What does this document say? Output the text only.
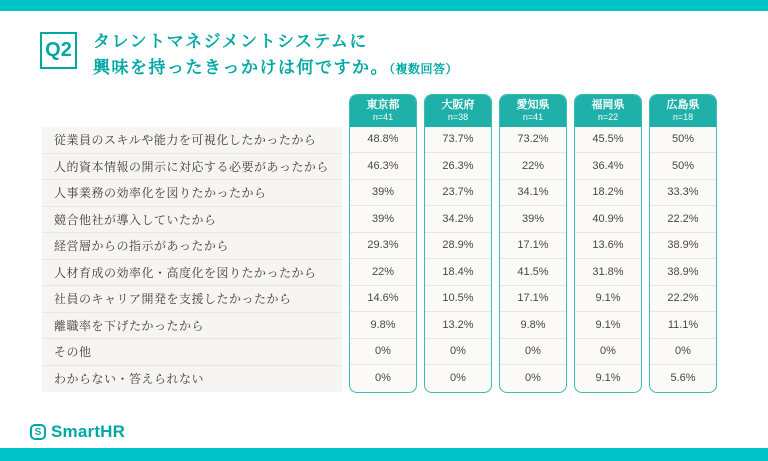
Q2	タレントマネジメントシステムに
興味を持ったきっかけは何ですか。（複数回答）
従業員のスキルや能力を可視化したかったから
人的資本情報の開示に対応する必要があったから
人事業務の効率化を図りたかったから
競合他社が導入していたから
経営層からの指示があったから
人材育成の効率化・高度化を図りたかったから
社員のキャリア開発を支援したかったから
離職率を下げたかったから
その他
わからない・答えられない
東京都
n=41
48.8%
46.3%
39%
39%
29.3%
22%
14.6%
9.8%
0%
0%
大阪府
n=38
73.7%
26.3%
23.7%
34.2%
28.9%
18.4%
10.5%
13.2%
0%
0%
愛知県
n=41
73.2%
22%
34.1%
39%
17.1%
41.5%
17.1%
9.8%
0%
0%
福岡県
n=22
45.5%
36.4%
18.2%
40.9%
13.6%
31.8%
9.1%
9.1%
0%
9.1%
広島県
n=18
50%
50%
33.3%
22.2%
38.9%
38.9%
22.2%
11.1%
0%
5.6%
S SmartHR
